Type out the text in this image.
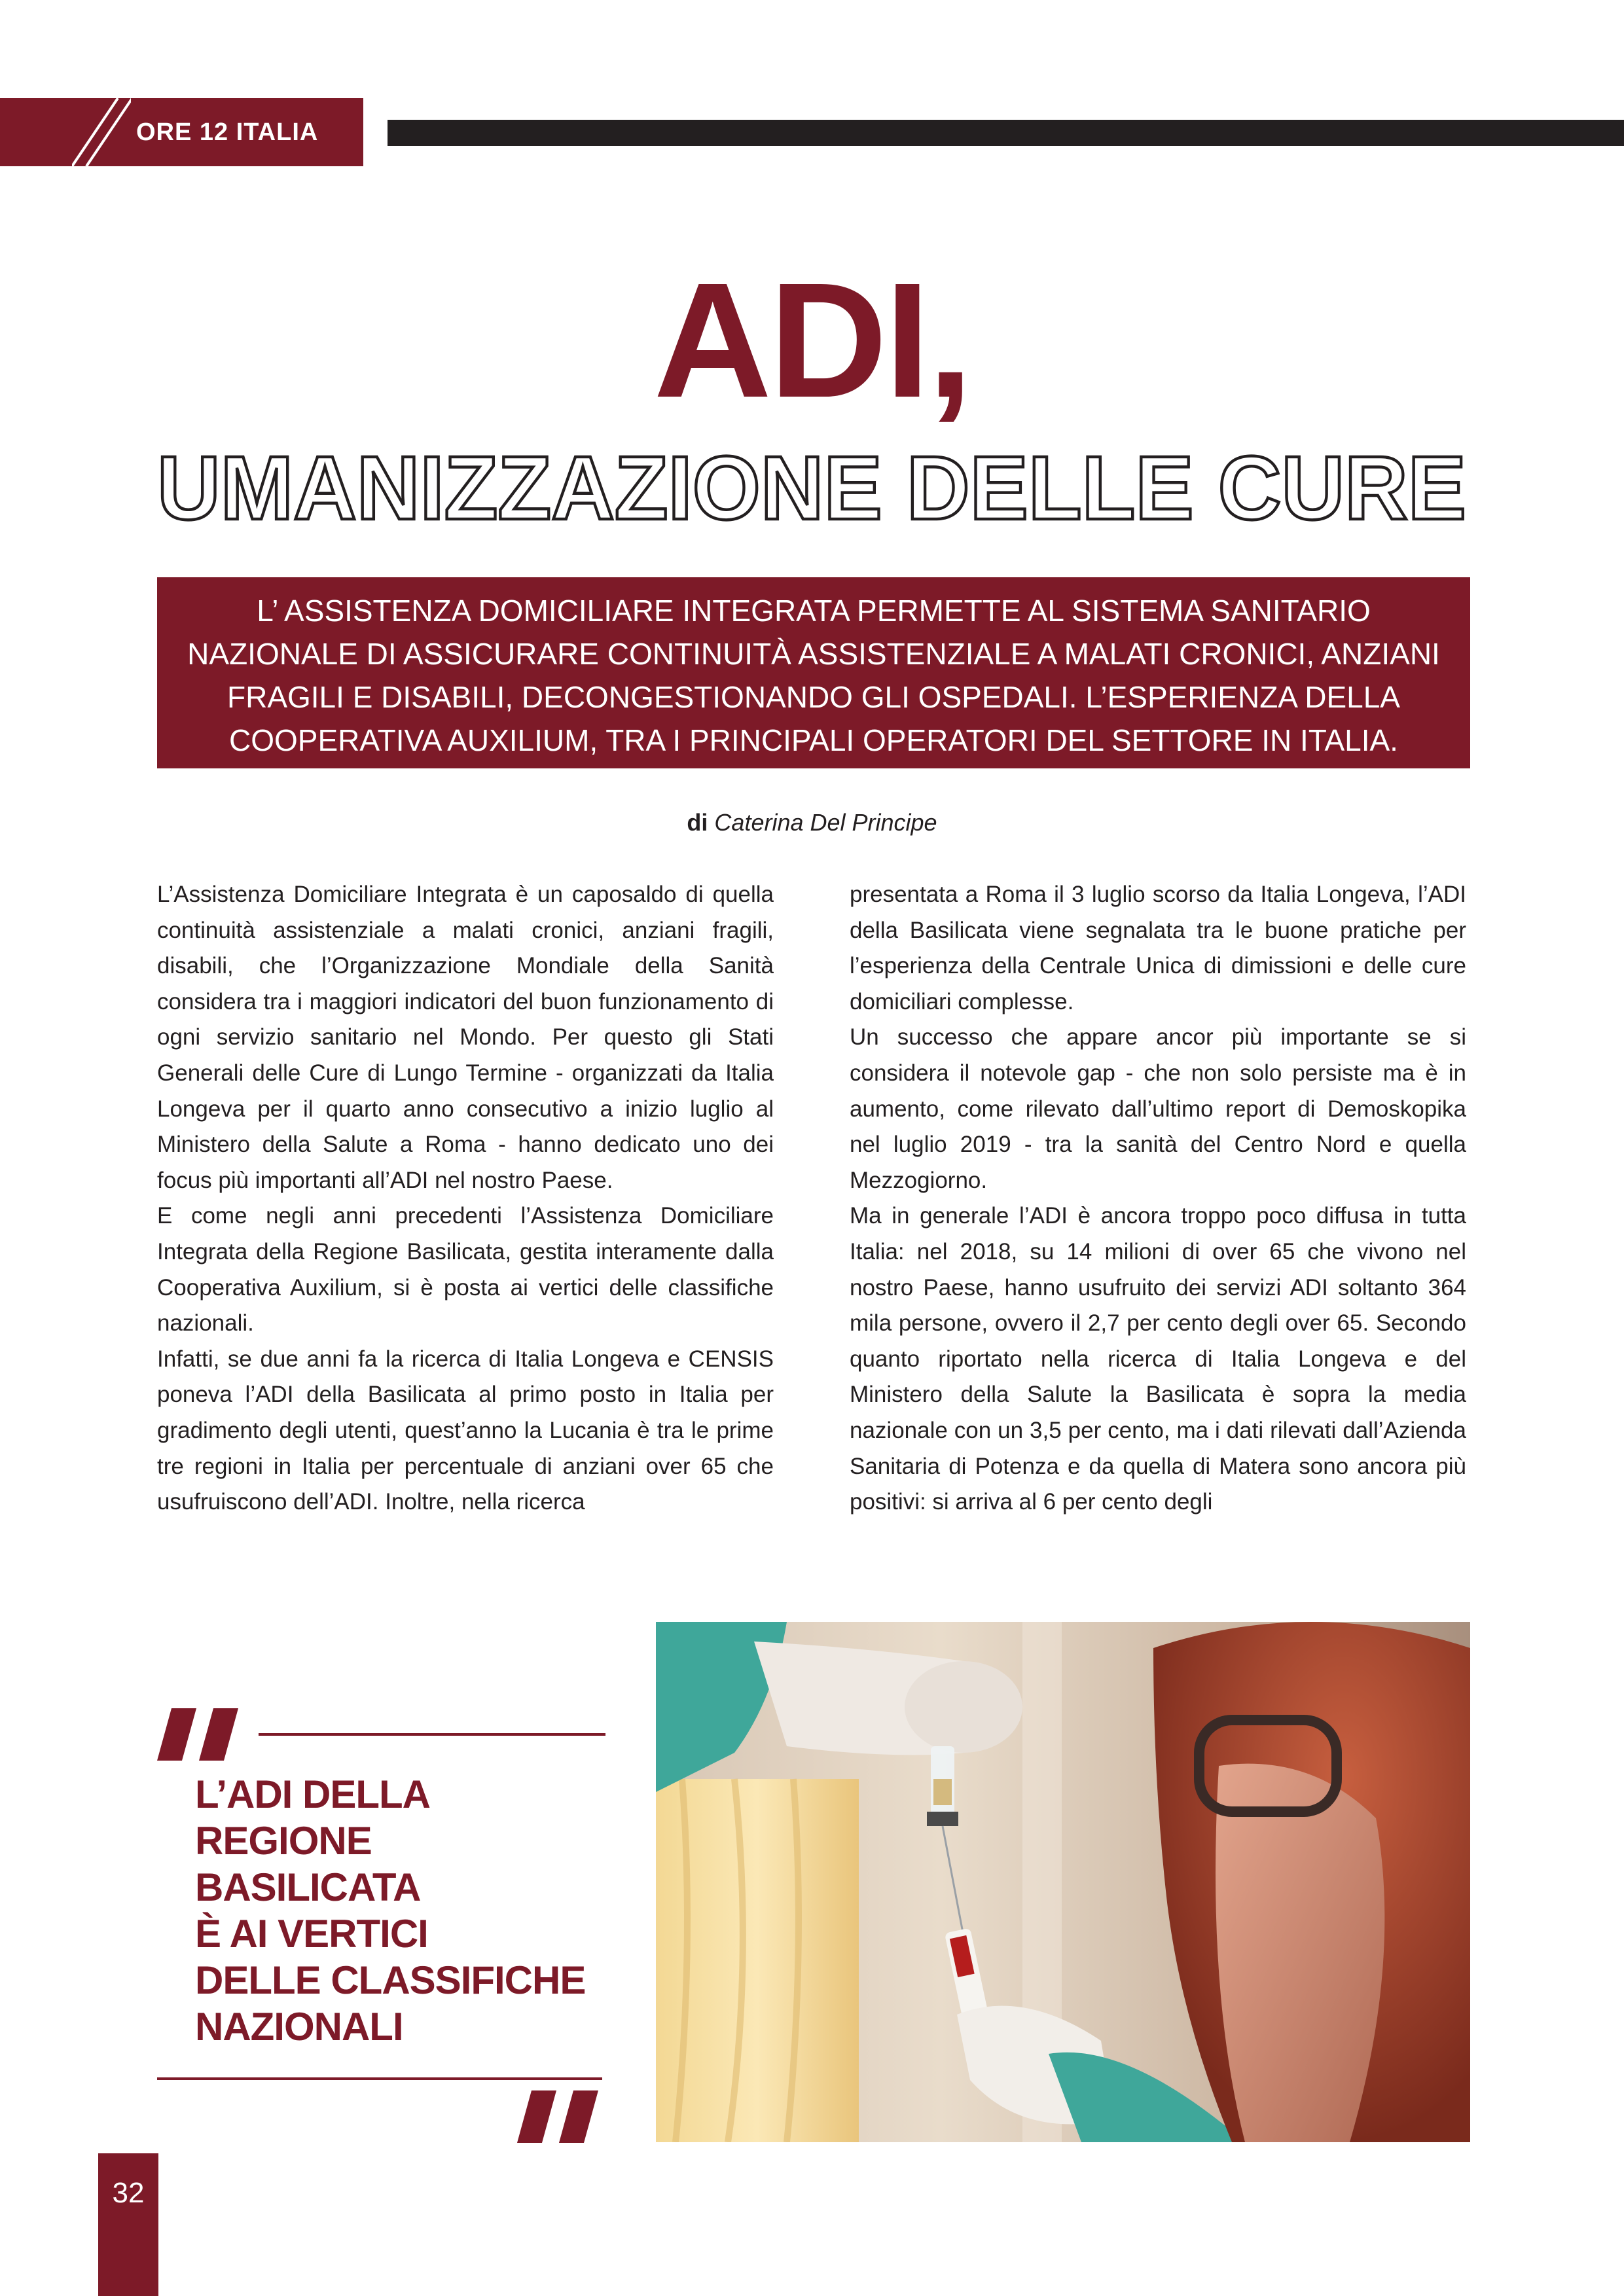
ORE 12 ITALIA
ADI,
UMANIZZAZIONE DELLE CURE

L’ ASSISTENZA DOMICILIARE INTEGRATA PERMETTE AL SISTEMA SANITARIO NAZIONALE DI ASSICURARE CONTINUITÀ ASSISTENZIALE A MALATI CRONICI, ANZIANI FRAGILI E DISABILI, DECONGESTIONANDO GLI OSPEDALI. L’ESPERIENZA DELLA COOPERATIVA AUXILIUM, TRA I PRINCIPALI OPERATORI DEL SETTORE IN ITALIA.

di Caterina Del Principe

L’Assistenza Domiciliare Integrata è un caposaldo di quella continuità assistenziale a malati cronici, anziani fragili, disabili, che l’Organizzazione Mondiale della Sanità considera tra i maggiori indicatori del buon funzionamento di ogni servizio sanitario nel Mondo. Per questo gli Stati Generali delle Cure di Lungo Termine - organizzati da Italia Longeva per il quarto anno consecutivo a inizio luglio al Ministero della Salute a Roma - hanno dedicato uno dei focus più importanti all’ADI nel nostro Paese.

E come negli anni precedenti l’Assistenza Domiciliare Integrata della Regione Basilicata, gestita interamente dalla Cooperativa Auxilium, si è posta ai vertici delle classifiche nazionali.

Infatti, se due anni fa la ricerca di Italia Longeva e CENSIS poneva l’ADI della Basilicata al primo posto in Italia per gradimento degli utenti, quest’anno la Lucania è tra le prime tre regioni in Italia per percentuale di anziani over 65 che usufruiscono dell’ADI. Inoltre, nella ricerca

presentata a Roma il 3 luglio scorso da Italia Longeva, l’ADI della Basilicata viene segnalata tra le buone pratiche per l’esperienza della Centrale Unica di dimissioni e delle cure domiciliari complesse.

Un successo che appare ancor più importante se si considera il notevole gap - che non solo persiste ma è in aumento, come rilevato dall’ultimo report di Demoskopika nel luglio 2019 - tra la sanità del Centro Nord e quella Mezzogiorno.

Ma in generale l’ADI è ancora troppo poco diffusa in tutta Italia: nel 2018, su 14 milioni di over 65 che vivono nel nostro Paese, hanno usufruito dei servizi ADI soltanto 364 mila persone, ovvero il 2,7 per cento degli over 65. Secondo quanto riportato nella ricerca di Italia Longeva e del Ministero della Salute la Basilicata è sopra la media nazionale con un 3,5 per cento, ma i dati rilevati dall’Azienda Sanitaria di Potenza e da quella di Matera sono ancora più positivi: si arriva al 6 per cento degli

L’ADI DELLA
REGIONE
BASILICATA
È AI VERTICI
DELLE CLASSIFICHE
NAZIONALI
32
